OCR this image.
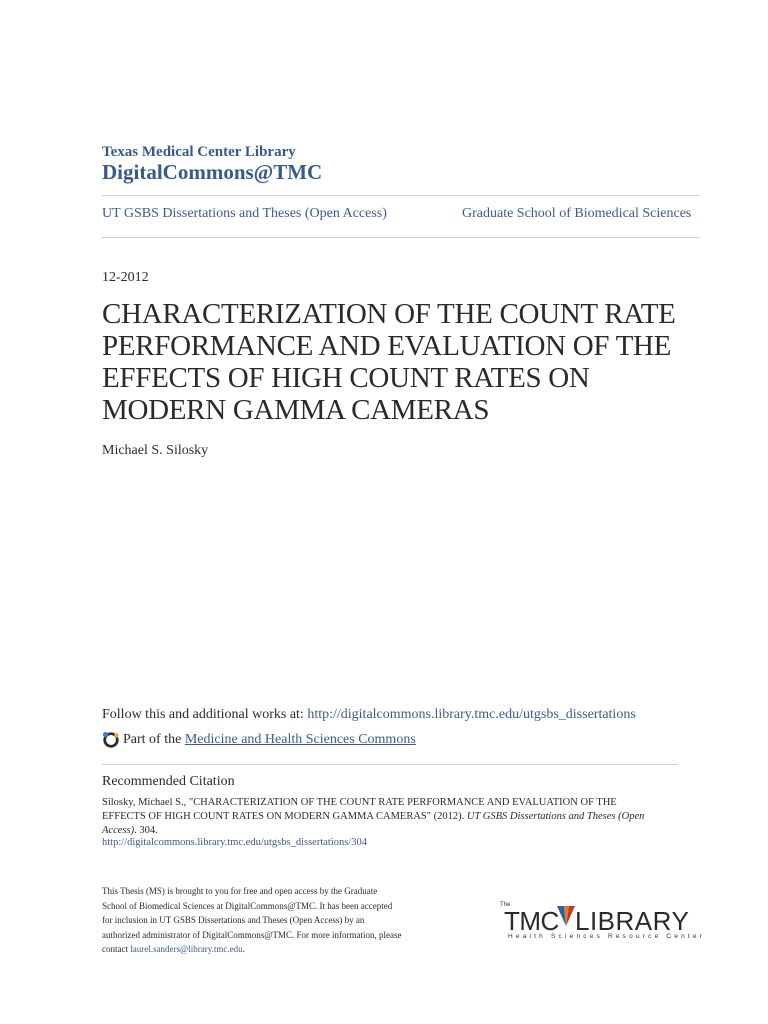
Texas Medical Center Library
DigitalCommons@TMC
UT GSBS Dissertations and Theses (Open Access)	Graduate School of Biomedical Sciences
12-2012
CHARACTERIZATION OF THE COUNT RATE PERFORMANCE AND EVALUATION OF THE EFFECTS OF HIGH COUNT RATES ON MODERN GAMMA CAMERAS
Michael S. Silosky
Follow this and additional works at: http://digitalcommons.library.tmc.edu/utgsbs_dissertations
Part of the
Medicine and Health Sciences Commons
Recommended Citation
Silosky, Michael S., "CHARACTERIZATION OF THE COUNT RATE PERFORMANCE AND EVALUATION OF THE EFFECTS OF HIGH COUNT RATES ON MODERN GAMMA CAMERAS" (2012). UT GSBS Dissertations and Theses (Open Access). 304.
http://digitalcommons.library.tmc.edu/utgsbs_dissertations/304
This Thesis (MS) is brought to you for free and open access by the Graduate School of Biomedical Sciences at DigitalCommons@TMC. It has been accepted for inclusion in UT GSBS Dissertations and Theses (Open Access) by an authorized administrator of DigitalCommons@TMC. For more information, please contact laurel.sanders@library.tmc.edu.
The
TMC LIBRARY
Health Sciences Resource Center
